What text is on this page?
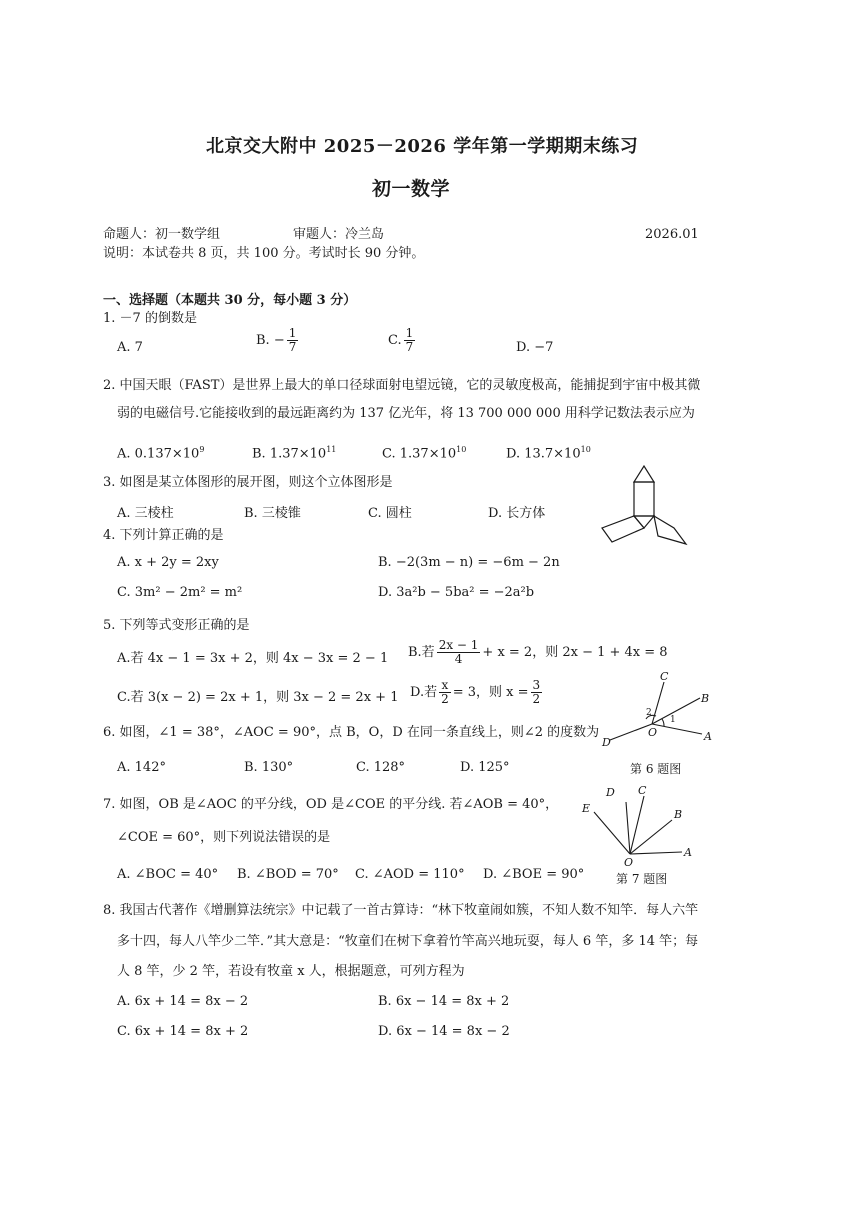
北京交大附中 2025－2026 学年第一学期期末练习
初一数学
命题人：初一数学组	审题人：冷兰岛	2026.01
说明：本试卷共 8 页，共 100 分。考试时长 90 分钟。
一、选择题（本题共 30 分，每小题 3 分）
1. －7 的倒数是
A. 7	B. − $\frac{1}{7}$	C. $\frac{1}{7}$	D. −7
2. 中国天眼（FAST）是世界上最大的单口径球面射电望远镜，它的灵敏度极高，能捕捉到宇宙中极其微
弱的电磁信号.它能接收到的最远距离约为 137 亿光年，将 13 700 000 000 用科学记数法表示应为
A. $0.137\times 10^9$	B. $1.37\times 10^{11}$	C. $1.37\times 10^{10}$	D. $13.7\times 10^{10}$
3. 如图是某立体图形的展开图，则这个立体图形是
A. 三棱柱	B. 三棱锥	C. 圆柱	D. 长方体
4. 下列计算正确的是
A. x + 2y = 2xy	B. −2(3m − n) = −6m − 2n
C. 3m² − 2m² = m²	D. 3a²b − 5ba² = −2a²b
5. 下列等式变形正确的是
A.若 4x − 1 = 3x + 2，则 4x − 3x = 2 − 1 B.若 $\frac{2x - 1}{4} + x = 2$，则 2x − 1 + 4x = 8
C.若 3(x − 2) = 2x + 1，则 3x − 2 = 2x + 1 D.若 $\frac{x}{2} = 3$，则 $x = \frac{3}{2}$
A
B
C
D
O
1
2
6. 如图，∠1 = 38°，∠AOC = 90°，点 B，O，D 在同一条直线上，则∠2 的度数为
A. 142°	B. 130°	C. 128°	D. 125°	第 6 题图
7. 如图，OB 是∠AOC 的平分线，OD 是∠COE 的平分线. 若∠AOB = 40°，
∠COE = 60°，则下列说法错误的是
A. ∠BOC = 40° B. ∠BOD = 70° C. ∠AOD = 110° D. ∠BOE = 90°
A
B
C
D
E
O
第 7 题图
8. 我国古代著作《增删算法统宗》中记载了一首古算诗：“林下牧童闹如簇，不知人数不知竿．每人六竿
多十四，每人八竿少二竿．”其大意是：“牧童们在树下拿着竹竿高兴地玩耍，每人 6 竿，多 14 竿；每
人 8 竿，少 2 竿，若设有牧童 x 人，根据题意，可列方程为
A. 6x + 14 = 8x − 2	B. 6x − 14 = 8x + 2
C. 6x + 14 = 8x + 2	D. 6x − 14 = 8x − 2
